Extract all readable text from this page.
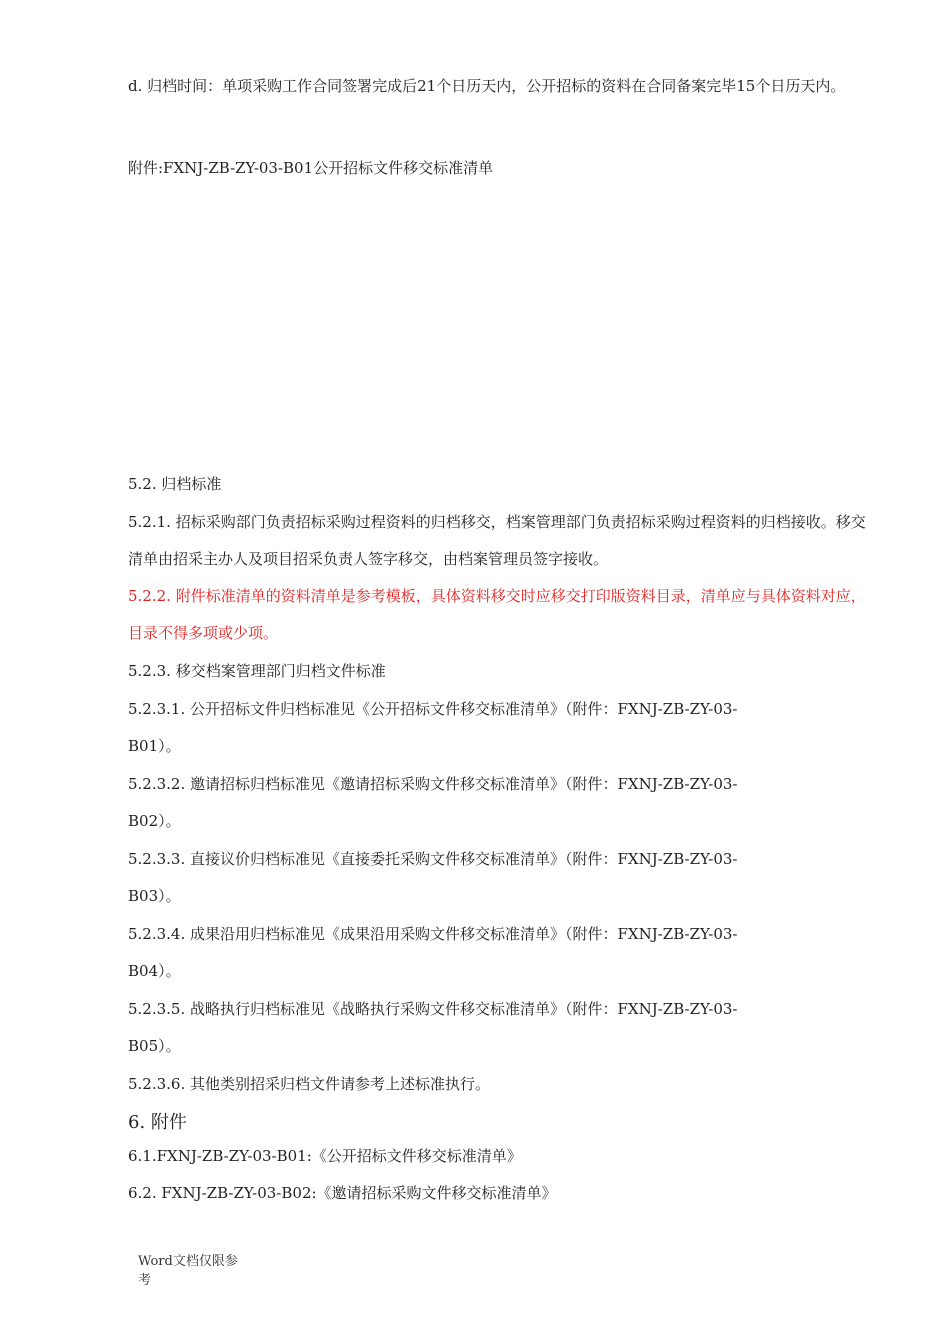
d. 归档时间：单项采购工作合同签署完成后21个日历天内，公开招标的资料在合同备案完毕15个日历天内。
附件:FXNJ-ZB-ZY-03-B01公开招标文件移交标准清单
5.2. 归档标准
5.2.1. 招标采购部门负责招标采购过程资料的归档移交，档案管理部门负责招标采购过程资料的归档接收。移交清单由招采主办人及项目招采负责人签字移交，由档案管理员签字接收。
5.2.2. 附件标准清单的资料清单是参考模板，具体资料移交时应移交打印版资料目录，清单应与具体资料对应，目录不得多项或少项。
5.2.3. 移交档案管理部门归档文件标准
5.2.3.1. 公开招标文件归档标准见《公开招标文件移交标准清单》（附件：FXNJ-ZB-ZY-03-
B01）。
5.2.3.2. 邀请招标归档标准见《邀请招标采购文件移交标准清单》（附件：FXNJ-ZB-ZY-03-
B02）。
5.2.3.3. 直接议价归档标准见《直接委托采购文件移交标准清单》（附件：FXNJ-ZB-ZY-03-
B03）。
5.2.3.4. 成果沿用归档标准见《成果沿用采购文件移交标准清单》（附件：FXNJ-ZB-ZY-03-
B04）。
5.2.3.5. 战略执行归档标准见《战略执行采购文件移交标准清单》（附件：FXNJ-ZB-ZY-03-
B05）。
5.2.3.6. 其他类别招采归档文件请参考上述标准执行。
6. 附件
6.1.FXNJ-ZB-ZY-03-B01:《公开招标文件移交标准清单》
6.2. FXNJ-ZB-ZY-03-B02:《邀请招标采购文件移交标准清单》
Word文档仅限参考
